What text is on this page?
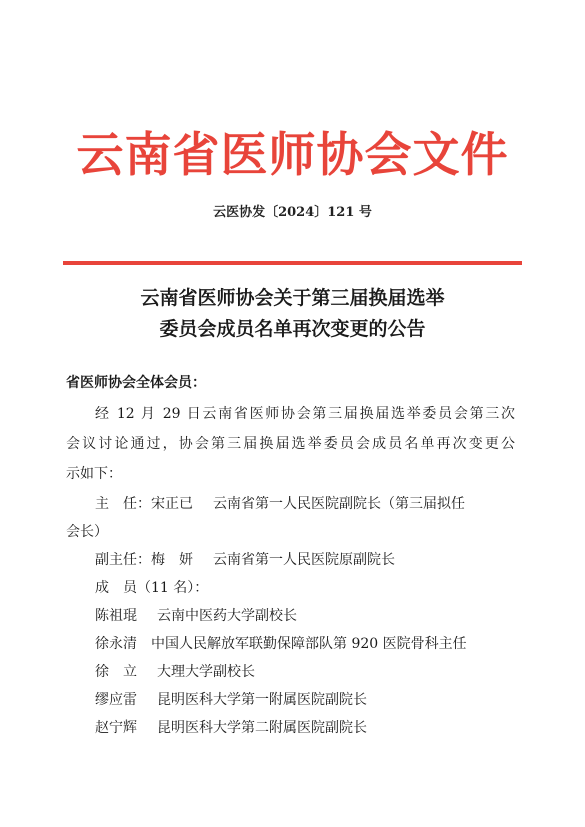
云南省医师协会文件
云医协发〔2024〕121 号
云南省医师协会关于第三届换届选举
委员会成员名单再次变更的公告
省医师协会全体会员：
经 12 月 29 日云南省医师协会第三届换届选举委员会第三次
会议讨论通过，协会第三届换届选举委员会成员名单再次变更公
示如下：
主　任：宋正已 云南省第一人民医院副院长（第三届拟任
会长）
副主任：梅　妍 云南省第一人民医院原副院长
成　员（11 名）：
陈祖琨 云南中医药大学副校长
徐永清 中国人民解放军联勤保障部队第 920 医院骨科主任
徐　立 大理大学副校长
缪应雷 昆明医科大学第一附属医院副院长
赵宁辉 昆明医科大学第二附属医院副院长
